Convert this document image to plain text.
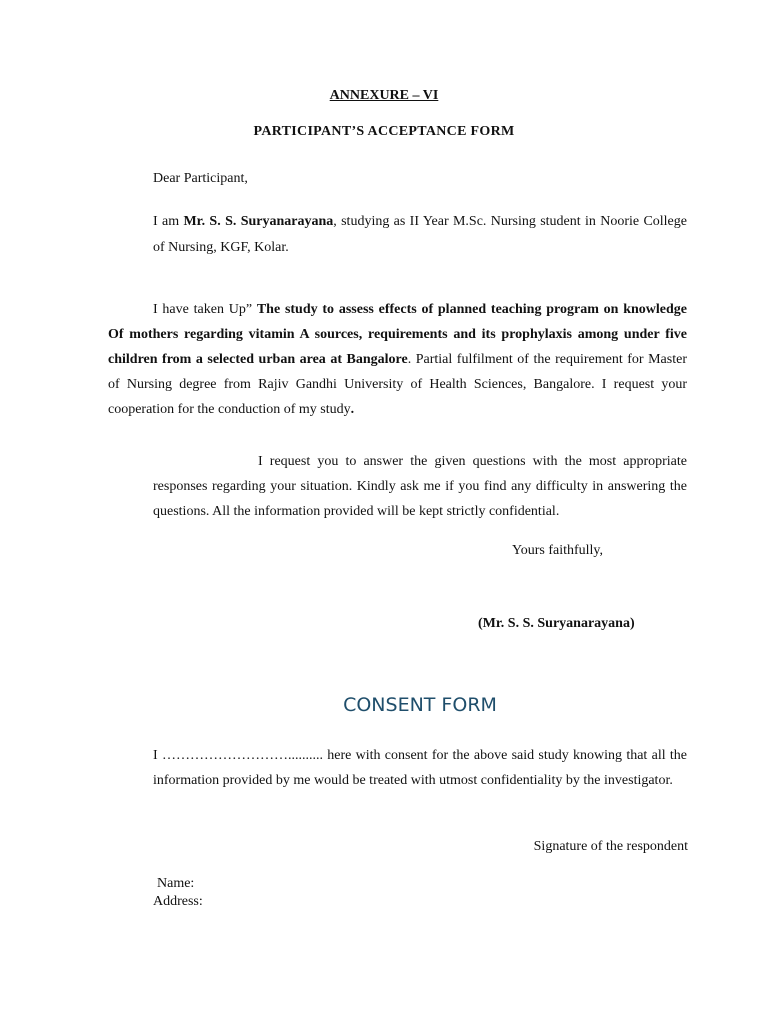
ANNEXURE – VI

PARTICIPANT’S ACCEPTANCE FORM

Dear Participant,

I am Mr. S. S. Suryanarayana, studying as II Year M.Sc. Nursing student in Noorie College of Nursing, KGF, Kolar.

I have taken Up” The study to assess effects of planned teaching program on knowledge Of mothers regarding vitamin A sources, requirements and its prophylaxis among under five children from a selected urban area at Bangalore. Partial fulfilment of the requirement for Master of Nursing degree from Rajiv Gandhi University of Health Sciences, Bangalore. I request your cooperation for the conduction of my study.

I request you to answer the given questions with the most appropriate responses regarding your situation. Kindly ask me if you find any difficulty in answering the questions. All the information provided will be kept strictly confidential.

Yours faithfully,

(Mr. S. S. Suryanarayana)

CONSENT FORM

I ……………………….......... here with consent for the above said study knowing that all the information provided by me would be treated with utmost confidentiality by the investigator.

Signature of the respondent

Name:

Address:
